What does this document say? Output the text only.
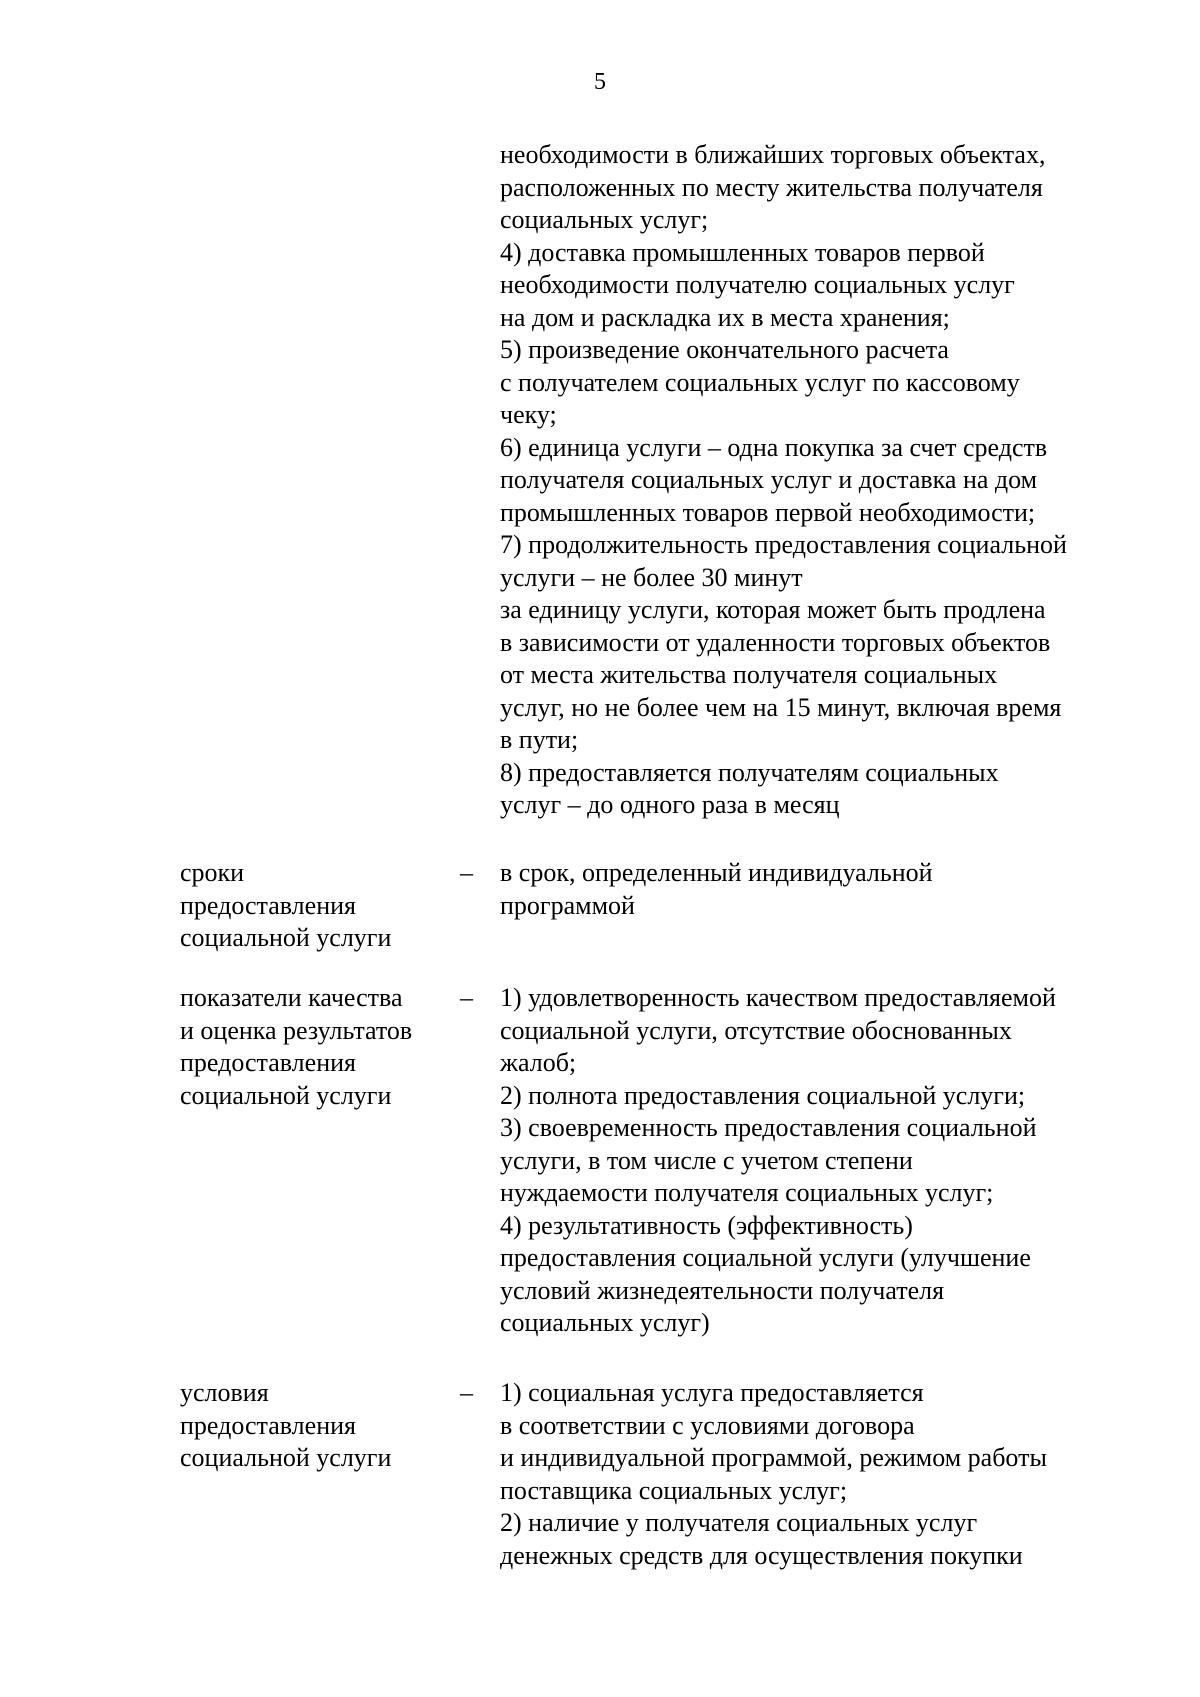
5
необходимости в ближайших торговых объектах,
расположенных по месту жительства получателя
социальных услуг;
4) доставка промышленных товаров первой
необходимости получателю социальных услуг
на дом и раскладка их в места хранения;
5) произведение окончательного расчета
с получателем социальных услуг по кассовому
чеку;
6) единица услуги – одна покупка за счет средств
получателя социальных услуг и доставка на дом
промышленных товаров первой необходимости;
7) продолжительность предоставления социальной
услуги – не более 30 минут
за единицу услуги, которая может быть продлена
в зависимости от удаленности торговых объектов
от места жительства получателя социальных
услуг, но не более чем на 15 минут, включая время
в пути;
8) предоставляется получателям социальных
услуг – до одного раза в месяц
сроки
предоставления
социальной услуги
– в срок, определенный индивидуальной
программой
показатели качества
и оценка результатов
предоставления
социальной услуги
– 1) удовлетворенность качеством предоставляемой
социальной услуги, отсутствие обоснованных
жалоб;
2) полнота предоставления социальной услуги;
3) своевременность предоставления социальной
услуги, в том числе с учетом степени
нуждаемости получателя социальных услуг;
4) результативность (эффективность)
предоставления социальной услуги (улучшение
условий жизнедеятельности получателя
социальных услуг)
условия
предоставления
социальной услуги
– 1) социальная услуга предоставляется
в соответствии с условиями договора
и индивидуальной программой, режимом работы
поставщика социальных услуг;
2) наличие у получателя социальных услуг
денежных средств для осуществления покупки
